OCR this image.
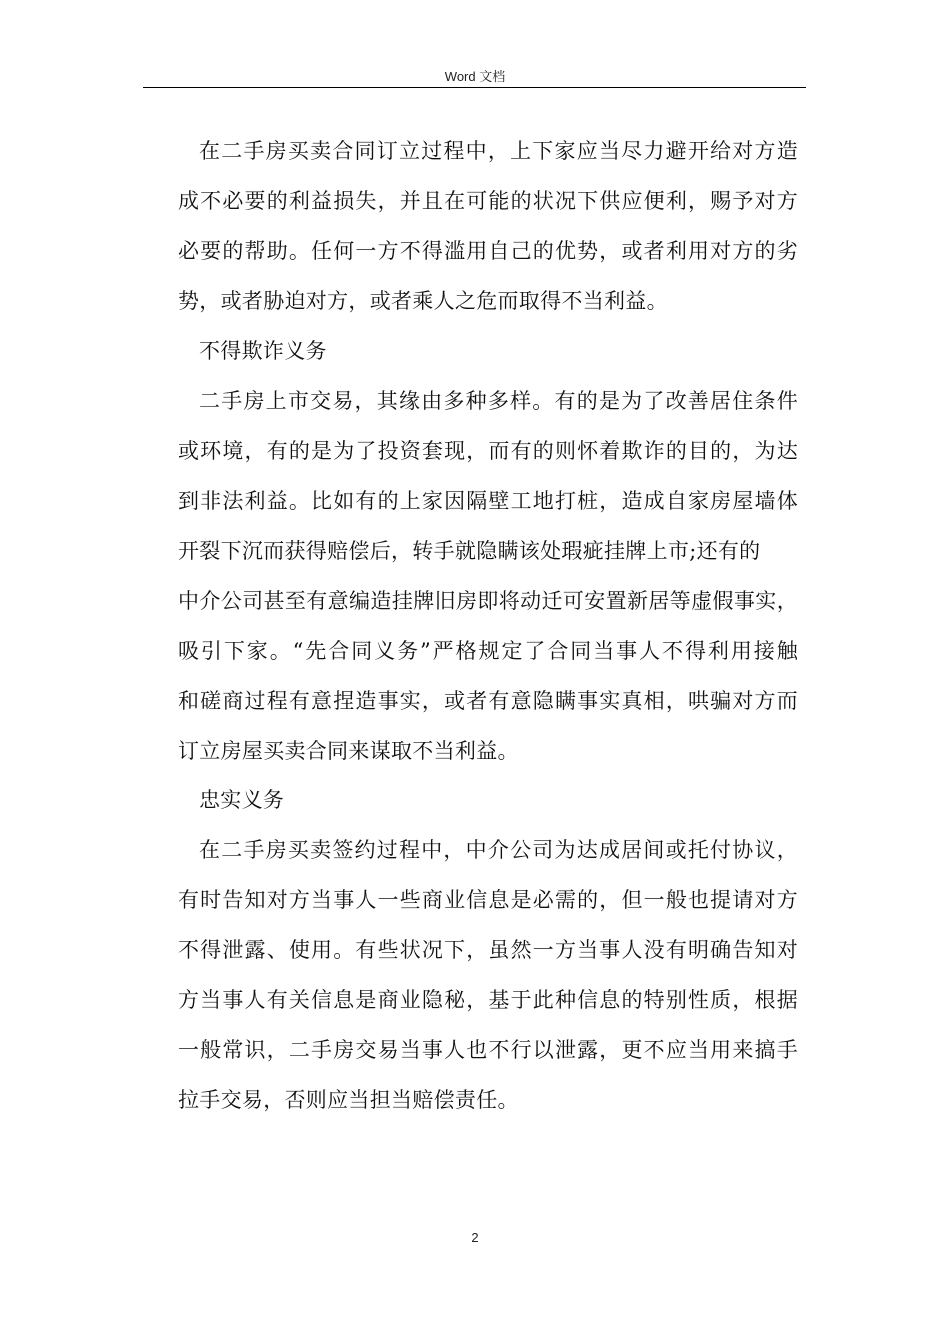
Word 文档
在二手房买卖合同订立过程中，上下家应当尽力避开给对方造
成不必要的利益损失，并且在可能的状况下供应便利，赐予对方
必要的帮助。任何一方不得滥用自己的优势，或者利用对方的劣
势，或者胁迫对方，或者乘人之危而取得不当利益。
不得欺诈义务
二手房上市交易，其缘由多种多样。有的是为了改善居住条件
或环境，有的是为了投资套现，而有的则怀着欺诈的目的，为达
到非法利益。比如有的上家因隔壁工地打桩，造成自家房屋墙体
开裂下沉而获得赔偿后，转手就隐瞒该处瑕疵挂牌上市;还有的
中介公司甚至有意编造挂牌旧房即将动迁可安置新居等虚假事实，
吸引下家。“先合同义务”严格规定了合同当事人不得利用接触
和磋商过程有意捏造事实，或者有意隐瞒事实真相，哄骗对方而
订立房屋买卖合同来谋取不当利益。
忠实义务
在二手房买卖签约过程中，中介公司为达成居间或托付协议，
有时告知对方当事人一些商业信息是必需的，但一般也提请对方
不得泄露、使用。有些状况下，虽然一方当事人没有明确告知对
方当事人有关信息是商业隐秘，基于此种信息的特别性质，根据
一般常识，二手房交易当事人也不行以泄露，更不应当用来搞手
拉手交易，否则应当担当赔偿责任。
2
